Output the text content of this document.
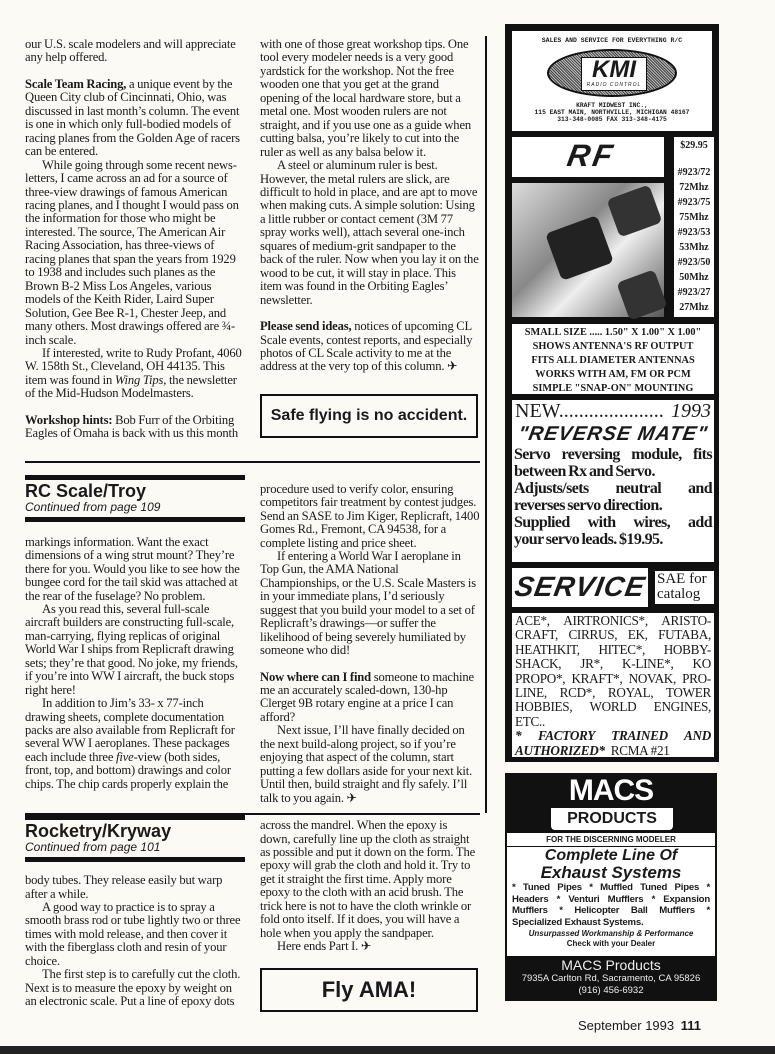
our U.S. scale modelers and will appreciate any help offered.

Scale Team Racing, a unique event by the Queen City club of Cincinnati, Ohio, was discussed in last month’s column. The event is one in which only full-bodied models of racing planes from the Golden Age of racers can be entered.

While going through some recent news-letters, I came across an ad for a source of three-view drawings of famous American racing planes, and I thought I would pass on the information for those who might be interested. The source, The American Air Racing Association, has three-views of racing planes that span the years from 1929 to 1938 and includes such planes as the Brown B-2 Miss Los Angeles, various models of the Keith Rider, Laird Super Solution, Gee Bee R-1, Chester Jeep, and many others. Most drawings offered are ¾-inch scale.

If interested, write to Rudy Profant, 4060 W. 158th St., Cleveland, OH 44135. This item was found in Wing Tips, the newsletter of the Mid-Hudson Modelmasters.

Workshop hints: Bob Furr of the Orbiting Eagles of Omaha is back with us this month

with one of those great workshop tips. One tool every modeler needs is a very good yardstick for the workshop. Not the free wooden one that you get at the grand opening of the local hardware store, but a metal one. Most wooden rulers are not straight, and if you use one as a guide when cutting balsa, you’re likely to cut into the ruler as well as any balsa below it.

A steel or aluminum ruler is best. However, the metal rulers are slick, are difficult to hold in place, and are apt to move when making cuts. A simple solution: Using a little rubber or contact cement (3M 77 spray works well), attach several one-inch squares of medium-grit sandpaper to the back of the ruler. Now when you lay it on the wood to be cut, it will stay in place. This item was found in the Orbiting Eagles’ newsletter.

Please send ideas, notices of upcoming CL Scale events, contest reports, and especially photos of CL Scale activity to me at the address at the very top of this column. ✈

Safe flying is no accident.
RC Scale/Troy
Continued from page 109

markings information. Want the exact dimensions of a wing strut mount? They’re there for you. Would you like to see how the bungee cord for the tail skid was attached at the rear of the fuselage? No problem.

As you read this, several full-scale aircraft builders are constructing full-scale, man-carrying, flying replicas of original World War I ships from Replicraft drawing sets; they’re that good. No joke, my friends, if you’re into WW I aircraft, the buck stops right here!

In addition to Jim’s 33- x 77-inch drawing sheets, complete documentation packs are also available from Replicraft for several WW I aeroplanes. These packages each include three five-view (both sides, front, top, and bottom) drawings and color chips. The chip cards properly explain the

procedure used to verify color, ensuring competitors fair treatment by contest judges. Send an SASE to Jim Kiger, Replicraft, 1400 Gomes Rd., Fremont, CA 94538, for a complete listing and price sheet.

If entering a World War I aeroplane in Top Gun, the AMA National Championships, or the U.S. Scale Masters is in your immediate plans, I’d seriously suggest that you build your model to a set of Replicraft’s drawings—or suffer the likelihood of being severely humiliated by someone who did!

Now where can I find someone to machine me an accurately scaled-down, 130-hp Clerget 9B rotary engine at a price I can afford?

Next issue, I’ll have finally decided on the next build-along project, so if you’re enjoying that aspect of the column, start putting a few dollars aside for your next kit. Until then, build straight and fly safely. I’ll talk to you again. ✈

Rocketry/Kryway
Continued from page 101

body tubes. They release easily but warp after a while.

A good way to practice is to spray a smooth brass rod or tube lightly two or three times with mold release, and then cover it with the fiberglass cloth and resin of your choice.

The first step is to carefully cut the cloth. Next is to measure the epoxy by weight on an electronic scale. Put a line of epoxy dots

across the mandrel. When the epoxy is down, carefully line up the cloth as straight as possible and put it down on the form. The epoxy will grab the cloth and hold it. Try to get it straight the first time. Apply more epoxy to the cloth with an acid brush. The trick here is not to have the cloth wrinkle or fold onto itself. If it does, you will have a hole when you apply the sandpaper.

Here ends Part I. ✈

Fly AMA!
SALES AND SERVICE FOR EVERYTHING R/C
KMI
RADIO CONTROL
KRAFT MIDWEST INC.,
115 EAST MAIN, NORTHVILLE, MICHIGAN 48167
313-348-0085 FAX 313-348-4175
RF	$29.95
#923/72
72Mhz
#923/75
75Mhz
#923/53
53Mhz
#923/50
50Mhz
#923/27
27Mhz
SMALL SIZE ..... 1.50" X 1.00" X 1.00"
SHOWS ANTENNA'S RF OUTPUT
FITS ALL DIAMETER ANTENNAS
WORKS WITH AM, FM OR PCM
SIMPLE "SNAP-ON" MOUNTING
NEW..................... 1993
"REVERSE MATE"
Servo reversing module, fits
between Rx and Servo.
Adjusts/sets neutral and
reverses servo direction.
Supplied with wires, add
your servo leads. $19.95.
SERVICE SAE for catalog
ACE*, AIRTRONICS*, ARISTO-CRAFT, CIRRUS, EK, FUTABA, HEATHKIT, HITEC*, HOBBY-SHACK, JR*, K-LINE*, KO PROPO*, KRAFT*, NOVAK, PRO-LINE, RCD*, ROYAL, TOWER HOBBIES, WORLD ENGINES, ETC..
* FACTORY TRAINED AND AUTHORIZED* RCMA #21
MACS
PRODUCTS
FOR THE DISCERNING MODELER
Complete Line Of
Exhaust Systems
* Tuned Pipes * Muffled Tuned Pipes * Headers * Venturi Mufflers * Expansion Mufflers * Helicopter Ball Mufflers * Specialized Exhaust Systems.
Unsurpassed Workmanship & Performance
Check with your Dealer
MACS Products
7935A Carlton Rd, Sacramento, CA 95826
(916) 456-6932
September 1993 111
